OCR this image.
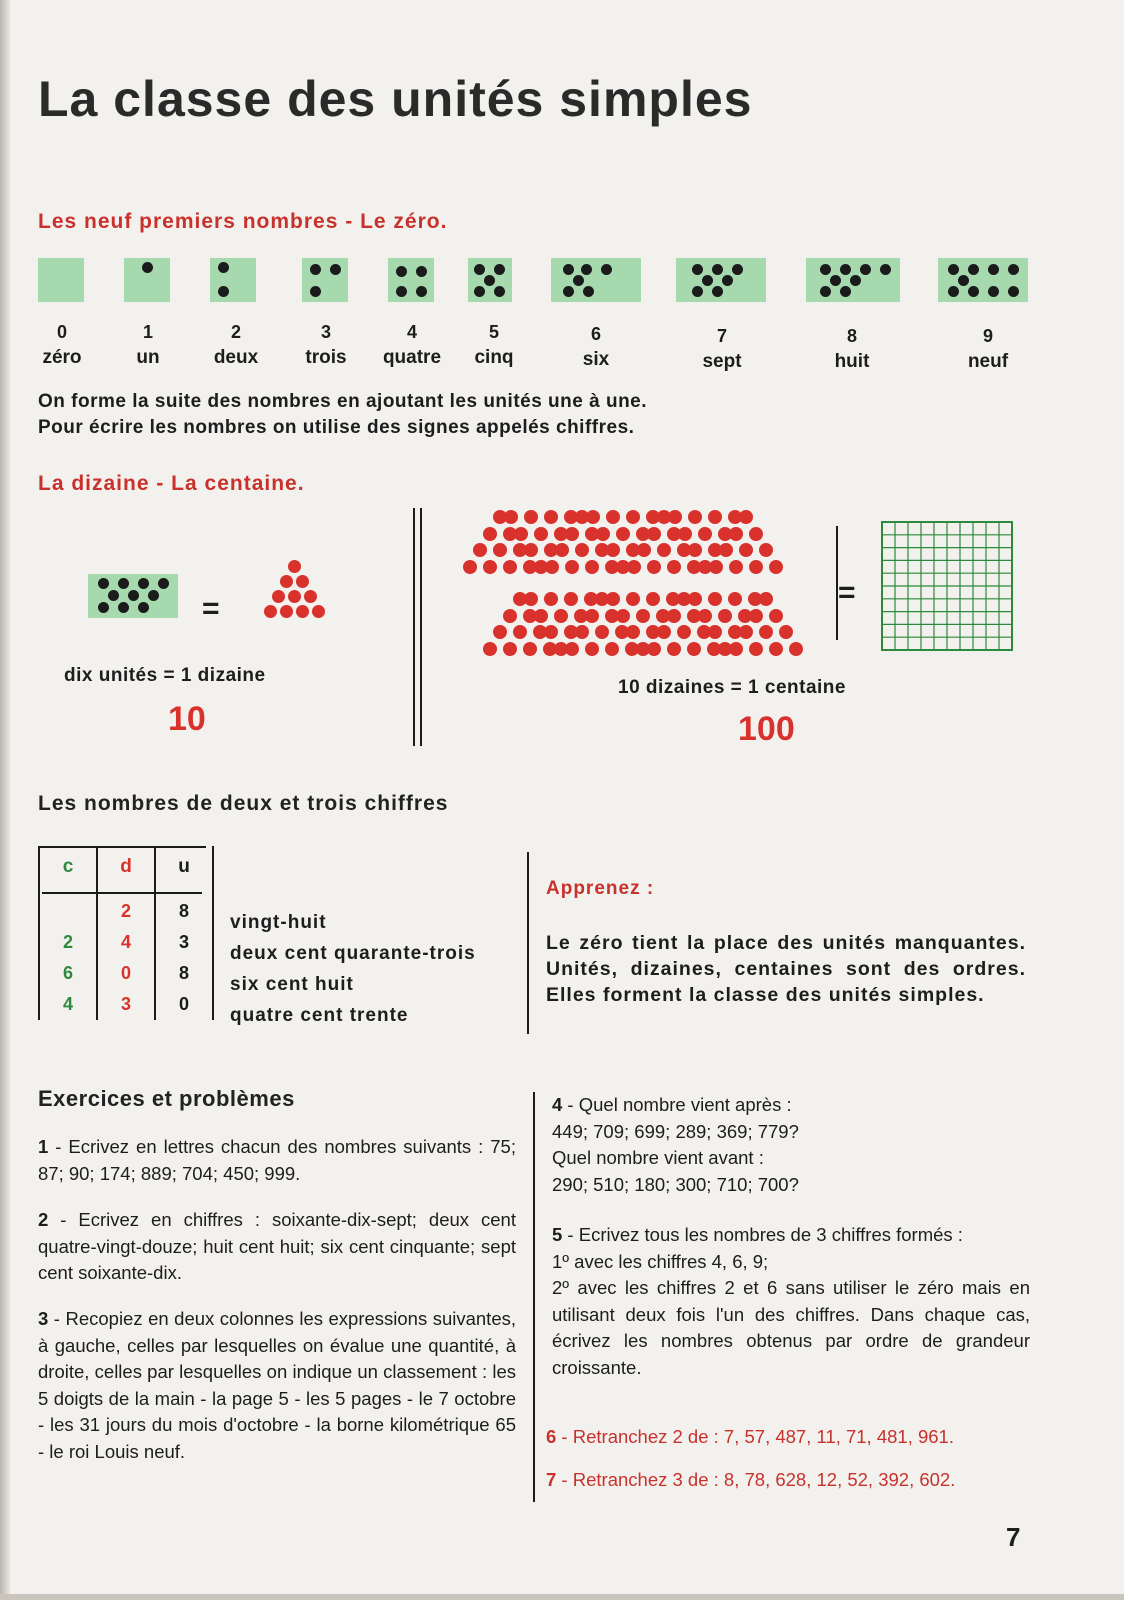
La classe des unités simples
Les neuf premiers nombres - Le zéro.
0
zéro
1
un
2
deux
3
trois
4
quatre
5
cinq
6
six
7
sept
8
huit
9
neuf
On forme la suite des nombres en ajoutant les unités une à une.
Pour écrire les nombres on utilise des signes appelés chiffres.
La dizaine - La centaine.
=
dix unités = 1 dizaine
10
=
10 dizaines = 1 centaine
100
Les nombres de deux et trois chiffres
c	d	u

	2	8
2	4	3
6	0	8
4	3	0
vingt-huit
deux cent quarante-trois
six cent huit
quatre cent trente
Apprenez :
Le zéro tient la place des unités manquantes. Unités, dizaines, centaines sont des ordres. Elles forment la classe des unités simples.
Exercices et problèmes
1 - Ecrivez en lettres chacun des nombres suivants : 75; 87; 90; 174; 889; 704; 450; 999.
2 - Ecrivez en chiffres : soixante-dix-sept; deux cent quatre-vingt-douze; huit cent huit; six cent cinquante; sept cent soixante-dix.
3 - Recopiez en deux colonnes les expressions suivantes, à gauche, celles par lesquelles on évalue une quantité, à droite, celles par lesquelles on indique un classement : les 5 doigts de la main - la page 5 - les 5 pages - le 7 octobre - les 31 jours du mois d'octobre - la borne kilométrique 65 - le roi Louis neuf.
4 - Quel nombre vient après :
449; 709; 699; 289; 369; 779?
Quel nombre vient avant :
290; 510; 180; 300; 710; 700?
5 - Ecrivez tous les nombres de 3 chiffres formés :
1º avec les chiffres 4, 6, 9;
2º avec les chiffres 2 et 6 sans utiliser le zéro mais en utilisant deux fois l'un des chiffres. Dans chaque cas, écrivez les nombres obtenus par ordre de grandeur croissante.
6 - Retranchez 2 de : 7, 57, 487, 11, 71, 481, 961.
7 - Retranchez 3 de : 8, 78, 628, 12, 52, 392, 602.
7
